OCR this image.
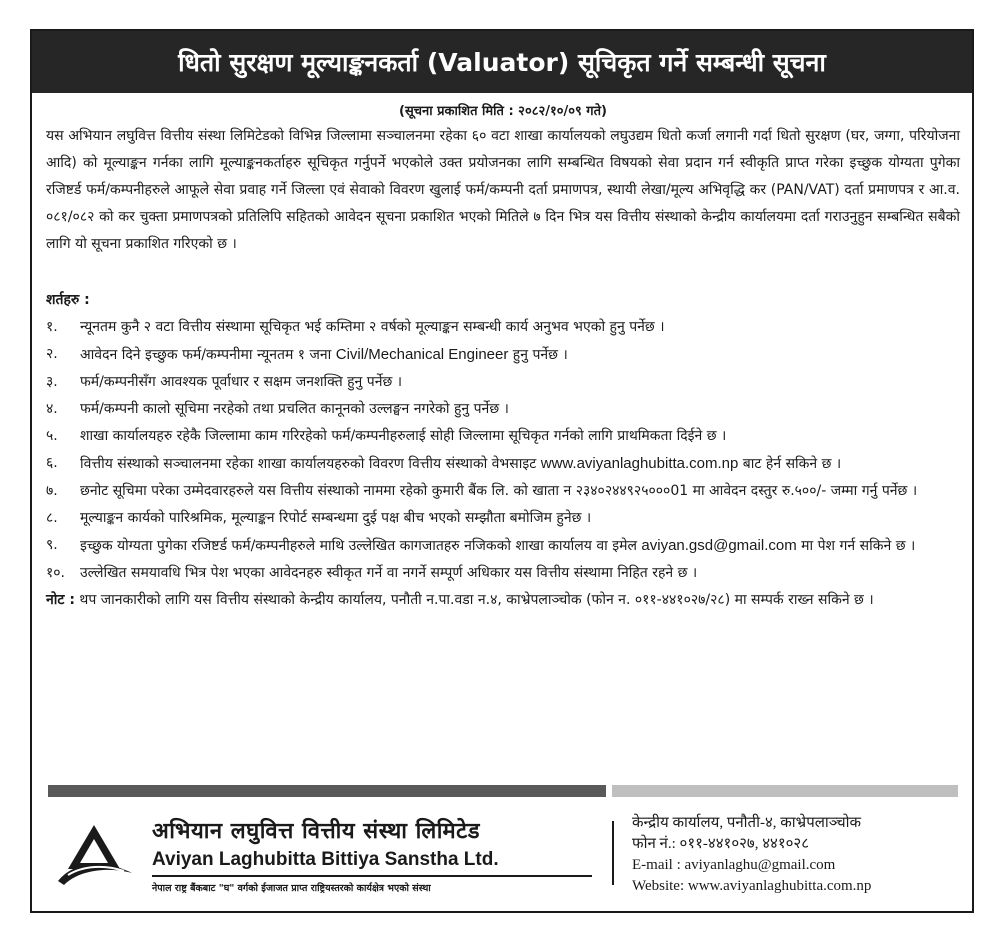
धितो सुरक्षण मूल्याङ्कनकर्ता (Valuator) सूचिकृत गर्ने सम्बन्धी सूचना
(सूचना प्रकाशित मिति : २०८२/१०/०९ गते)

यस अभियान लघुवित्त वित्तीय संस्था लिमिटेडको विभिन्न जिल्लामा सञ्चालनमा रहेका ६० वटा शाखा कार्यालयको लघुउद्यम धितो कर्जा लगानी गर्दा धितो सुरक्षण (घर, जग्गा, परियोजना आदि) को मूल्याङ्कन गर्नका लागि मूल्याङ्कनकर्ताहरु सूचिकृत गर्नुपर्ने भएकोले उक्त प्रयोजनका लागि सम्बन्धित विषयको सेवा प्रदान गर्न स्वीकृति प्राप्त गरेका इच्छुक योग्यता पुगेका रजिष्टर्ड फर्म/कम्पनीहरुले आफूले सेवा प्रवाह गर्ने जिल्ला एवं सेवाको विवरण खुलाई फर्म/कम्पनी दर्ता प्रमाणपत्र, स्थायी लेखा/मूल्य अभिवृद्धि कर (PAN/VAT) दर्ता प्रमाणपत्र र आ.व. ०८१/०८२ को कर चुक्ता प्रमाणपत्रको प्रतिलिपि सहितको आवेदन सूचना प्रकाशित भएको मितिले ७ दिन भित्र यस वित्तीय संस्थाको केन्द्रीय कार्यालयमा दर्ता गराउनुहुन सम्बन्धित सबैको लागि यो सूचना प्रकाशित गरिएको छ ।

शर्तहरु :
१.	न्यूनतम कुनै २ वटा वित्तीय संस्थामा सूचिकृत भई कम्तिमा २ वर्षको मूल्याङ्कन सम्बन्धी कार्य अनुभव भएको हुनु पर्नेछ ।
२.	आवेदन दिने इच्छुक फर्म/कम्पनीमा न्यूनतम १ जना Civil/Mechanical Engineer हुनु पर्नेछ ।
३.	फर्म/कम्पनीसँग आवश्यक पूर्वाधार र सक्षम जनशक्ति हुनु पर्नेछ ।
४.	फर्म/कम्पनी कालो सूचिमा नरहेको तथा प्रचलित कानूनको उल्लङ्घन नगरेको हुनु पर्नेछ ।
५.	शाखा कार्यालयहरु रहेकै जिल्लामा काम गरिरहेको फर्म/कम्पनीहरुलाई सोही जिल्लामा सूचिकृत गर्नको लागि प्राथमिकता दिईने छ ।
६.	वित्तीय संस्थाको सञ्चालनमा रहेका शाखा कार्यालयहरुको विवरण वित्तीय संस्थाको वेभसाइट www.aviyanlaghubitta.com.np बाट हेर्न सकिने छ ।
७.	छनोट सूचिमा परेका उम्मेदवारहरुले यस वित्तीय संस्थाको नाममा रहेको कुमारी बैंक लि. को खाता न २३४०२४४९२५०००01 मा आवेदन दस्तुर रु.५००/- जम्मा गर्नु पर्नेछ ।
८.	मूल्याङ्कन कार्यको पारिश्रमिक, मूल्याङ्कन रिपोर्ट सम्बन्धमा दुई पक्ष बीच भएको सम्झौता बमोजिम हुनेछ ।
९.	इच्छुक योग्यता पुगेका रजिष्टर्ड फर्म/कम्पनीहरुले माथि उल्लेखित कागजातहरु नजिकको शाखा कार्यालय वा इमेल aviyan.gsd@gmail.com मा पेश गर्न सकिने छ ।
१०.	उल्लेखित समयावधि भित्र पेश भएका आवेदनहरु स्वीकृत गर्ने वा नगर्ने सम्पूर्ण अधिकार यस वित्तीय संस्थामा निहित रहने छ ।

नोट : थप जानकारीको लागि यस वित्तीय संस्थाको केन्द्रीय कार्यालय, पनौती न.पा.वडा न.४, काभ्रेपलाञ्चोक (फोन न. ०११-४४१०२७/२८) मा सम्पर्क राख्न सकिने छ ।

अभियान लघुवित्त वित्तीय संस्था लिमिटेड
Aviyan Laghubitta Bittiya Sanstha Ltd.
नेपाल राष्ट्र बैंकबाट "घ" वर्गको ईजाजत प्राप्त राष्ट्रियस्तरको कार्यक्षेत्र भएको संस्था
केन्द्रीय कार्यालय, पनौती-४, काभ्रेपलाञ्चोक
फोन नं.: ०११-४४१०२७, ४४१०२८
E-mail : aviyanlaghu@gmail.com
Website: www.aviyanlaghubitta.com.np
